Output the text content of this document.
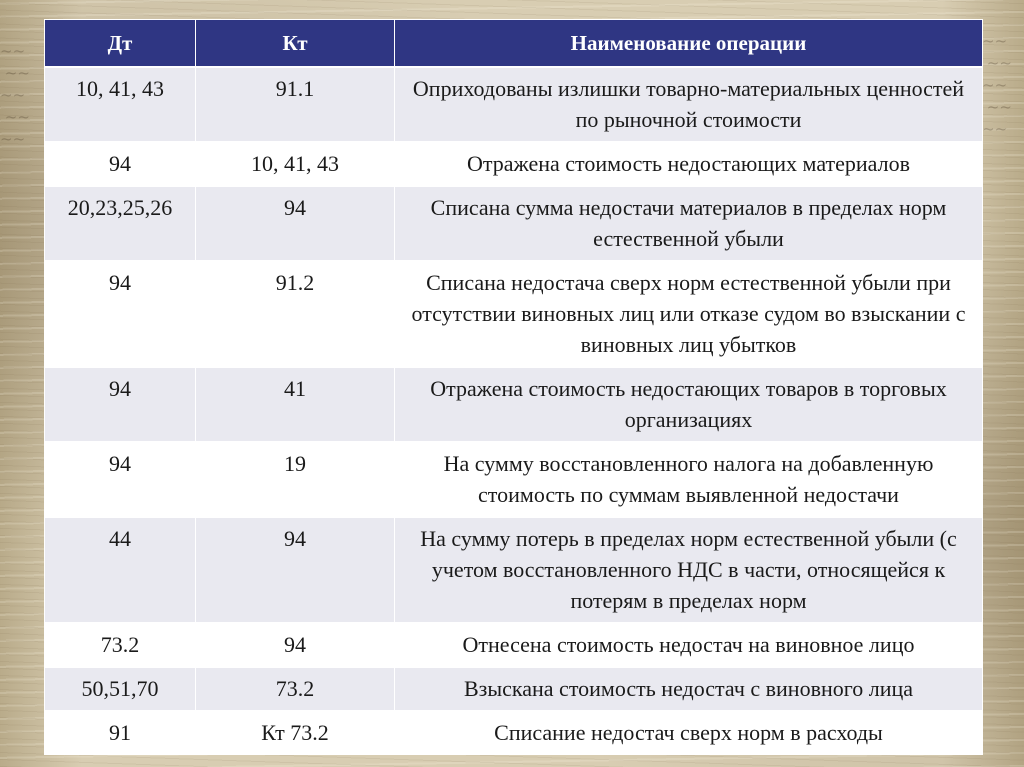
~~
~~
~~
~~
~~

~~
~~
~~
~~
~~

Дт	Кт	Наименование операции
10, 41, 43	91.1	Оприходованы излишки товарно-материальных ценностей по рыночной стоимости
94	10, 41, 43	Отражена стоимость недостающих материалов
20,23,25,26	94	Списана сумма недостачи материалов в пределах норм естественной убыли
94	91.2	Списана недостача сверх норм естественной убыли при отсутствии виновных лиц или отказе судом во взыскании с виновных лиц убытков
94	41	Отражена стоимость недостающих товаров в торговых организациях
94	19	На сумму восстановленного налога на добавленную стоимость по суммам выявленной недостачи
44	94	На сумму потерь в пределах норм естественной убыли (с учетом восстановленного НДС в части, относящейся к потерям в пределах норм
73.2	94	Отнесена стоимость недостач на виновное лицо
50,51,70	73.2	Взыскана стоимость недостач с виновного лица
91	Кт 73.2	Списание недостач сверх норм в расходы
